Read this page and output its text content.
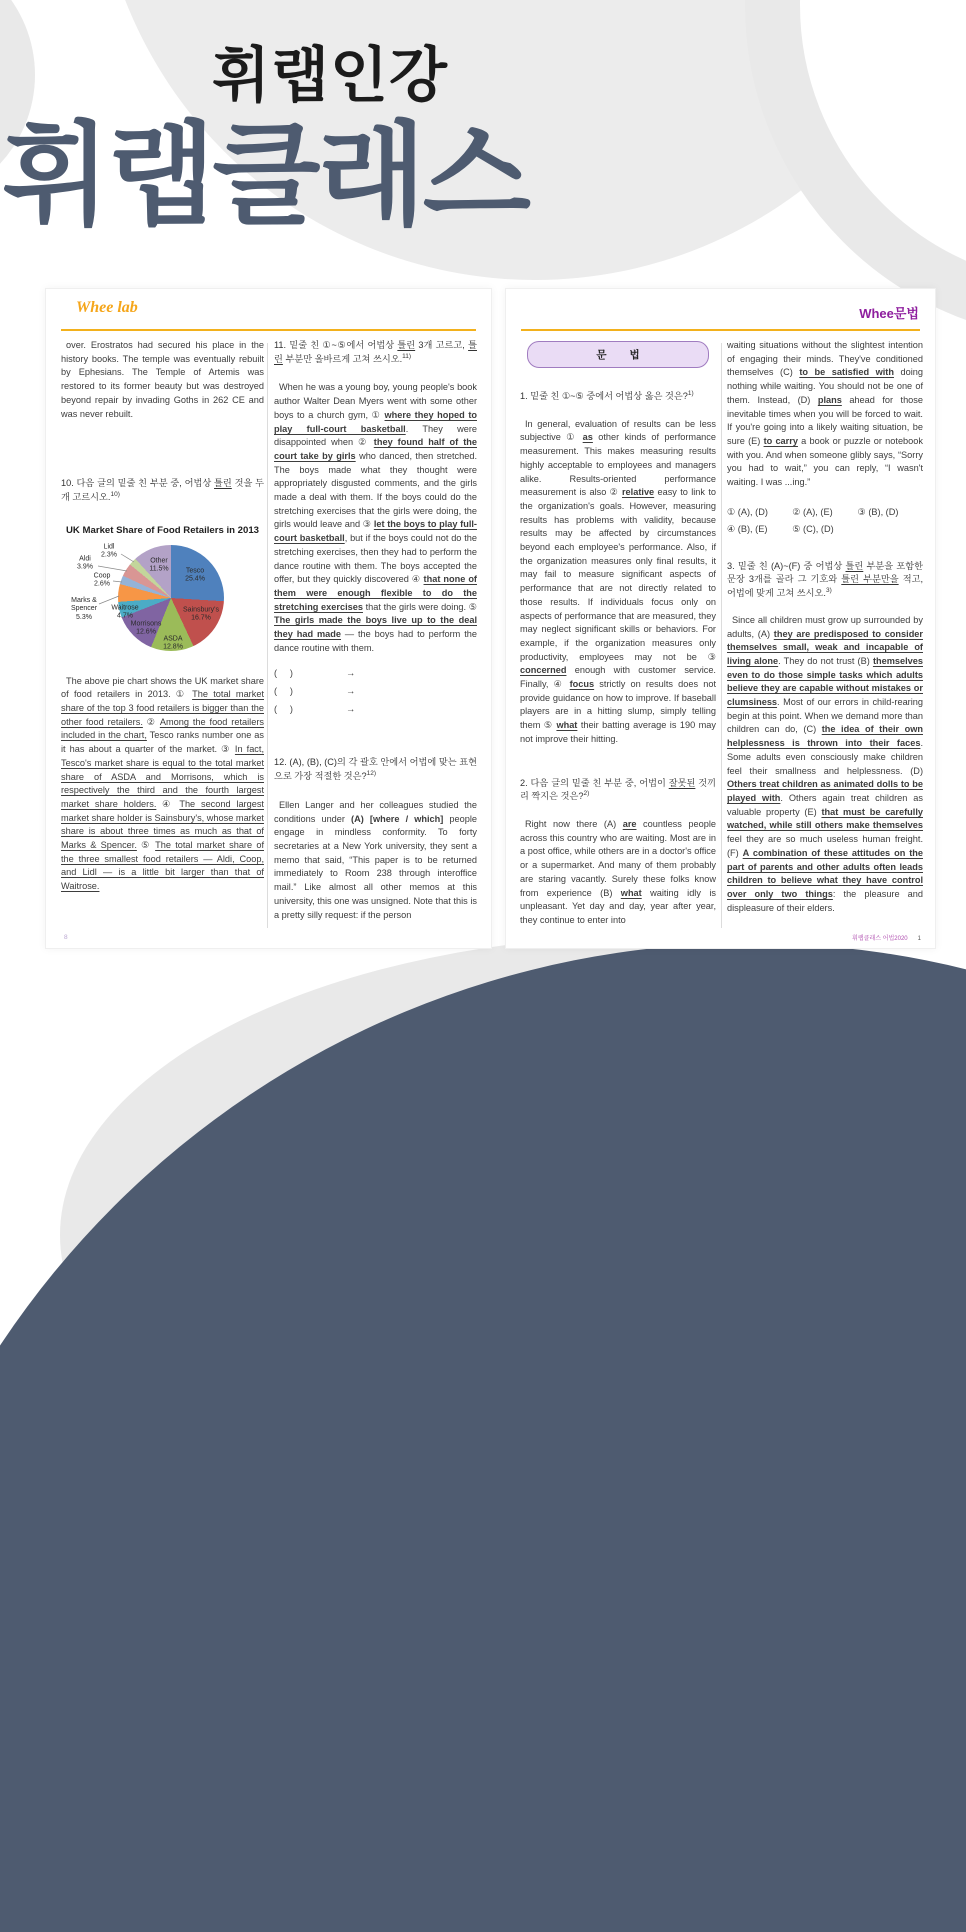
휘랩인강
휘랩클래스
Whee lab
over. Erostratos had secured his place in the history books. The temple was eventually rebuilt by Ephesians. The Temple of Artemis was restored to its former beauty but was destroyed beyond repair by invading Goths in 262 CE and was never rebuilt.
10. 다음 글의 밑줄 친 부분 중, 어법상 틀린 것을 두 개 고르시오.$^{10)}$
UK Market Share of Food Retailers in 2013
Tesco
25.4%
Sainsbury's
16.7%
ASDA
12.8%
Morrisons
12.6%
Waitrose
4.7%
Marks &
Spencer
5.3%
Coop
2.6%
Aldi
3.9%
Lidl
2.3%
Other
11.5%
The above pie chart shows the UK market share of food retailers in 2013. ① The total market share of the top 3 food retailers is bigger than the other food retailers. ② Among the food retailers included in the chart, Tesco ranks number one as it has about a quarter of the market. ③ In fact, Tesco's market share is equal to the total market share of ASDA and Morrisons, which is respectively the third and the fourth largest market share holders. ④ The second largest market share holder is Sainsbury's, whose market share is about three times as much as that of Marks & Spencer. ⑤ The total market share of the three smallest food retailers — Aldi, Coop, and Lidl — is a little bit larger than that of Waitrose.
11. 밑줄 친 ①~⑤에서 어법상 틀린 3개 고르고, 틀린 부분만 올바르게 고쳐 쓰시오.$^{11)}$
When he was a young boy, young people's book author Walter Dean Myers went with some other boys to a church gym, ① where they hoped to play full-court basketball. They were disappointed when ② they found half of the court take by girls who danced, then stretched. The boys made what they thought were appropriately disgusted comments, and the girls made a deal with them. If the boys could do the stretching exercises that the girls were doing, the girls would leave and ③ let the boys to play full-court basketball, but if the boys could not do the stretching exercises, then they had to perform the dance routine with them. The boys accepted the offer, but they quickly discovered ④ that none of them were enough flexible to do the stretching exercises that the girls were doing. ⑤ The girls made the boys live up to the deal they had made — the boys had to perform the dance routine with them.
(     )	→
(     )	→
(     )	→
12. (A), (B), (C)의 각 괄호 안에서 어법에 맞는 표현으로 가장 적절한 것은?$^{12)}$
Ellen Langer and her colleagues studied the conditions under (A) [where / which] people engage in mindless conformity. To forty secretaries at a New York university, they sent a memo that said, “This paper is to be returned immediately to Room 238 through interoffice mail.” Like almost all other memos at this university, this one was unsigned. Note that this is a pretty silly request: if the person
8
Whee문법
문 법
1. 밑줄 친 ①~⑤ 중에서 어법상 옳은 것은?$^{1)}$
In general, evaluation of results can be less subjective ① as other kinds of performance measurement. This makes measuring results highly acceptable to employees and managers alike. Results-oriented performance measurement is also ② relative easy to link to the organization's goals. However, measuring results has problems with validity, because results may be affected by circumstances beyond each employee's performance. Also, if the organization measures only final results, it may fail to measure significant aspects of performance that are not directly related to those results. If individuals focus only on aspects of performance that are measured, they may neglect significant skills or behaviors. For example, if the organization measures only productivity, employees may not be ③ concerned enough with customer service. Finally, ④ focus strictly on results does not provide guidance on how to improve. If baseball players are in a hitting slump, simply telling them ⑤ what their batting average is 190 may not improve their hitting.
2. 다음 글의 밑줄 친 부분 중, 어법이 잘못된 것끼리 짝지은 것은?$^{2)}$
Right now there (A) are countless people across this country who are waiting. Most are in a post office, while others are in a doctor's office or a supermarket. And many of them probably are staring vacantly. Surely these folks know from experience (B) what waiting idly is unpleasant. Yet day and day, year after year, they continue to enter into
waiting situations without the slightest intention of engaging their minds. They've conditioned themselves (C) to be satisfied with doing nothing while waiting. You should not be one of them. Instead, (D) plans ahead for those inevitable times when you will be forced to wait. If you're going into a likely waiting situation, be sure (E) to carry a book or puzzle or notebook with you. And when someone glibly says, “Sorry you had to wait,” you can reply, “I wasn't waiting. I was ...ing.”
① (A), (D)	② (A), (E)	③ (B), (D)
④ (B), (E)	⑤ (C), (D)
3. 밑줄 친 (A)~(F) 중 어법상 틀린 부분을 포함한 문장 3개를 골라 그 기호와 틀린 부분만을 적고, 어법에 맞게 고쳐 쓰시오.$^{3)}$
Since all children must grow up surrounded by adults, (A) they are predisposed to consider themselves small, weak and incapable of living alone. They do not trust (B) themselves even to do those simple tasks which adults believe they are capable without mistakes or clumsiness. Most of our errors in child-rearing begin at this point. When we demand more than children can do, (C) the idea of their own helplessness is thrown into their faces. Some adults even consciously make children feel their smallness and helplessness. (D) Others treat children as animated dolls to be played with. Others again treat children as valuable property (E) that must be carefully watched, while still others make themselves feel they are so much useless human freight. (F) A combination of these attitudes on the part of parents and other adults often leads children to believe what they have control over only two things: the pleasure and displeasure of their elders.
휘랩클래스 어법2020 1
